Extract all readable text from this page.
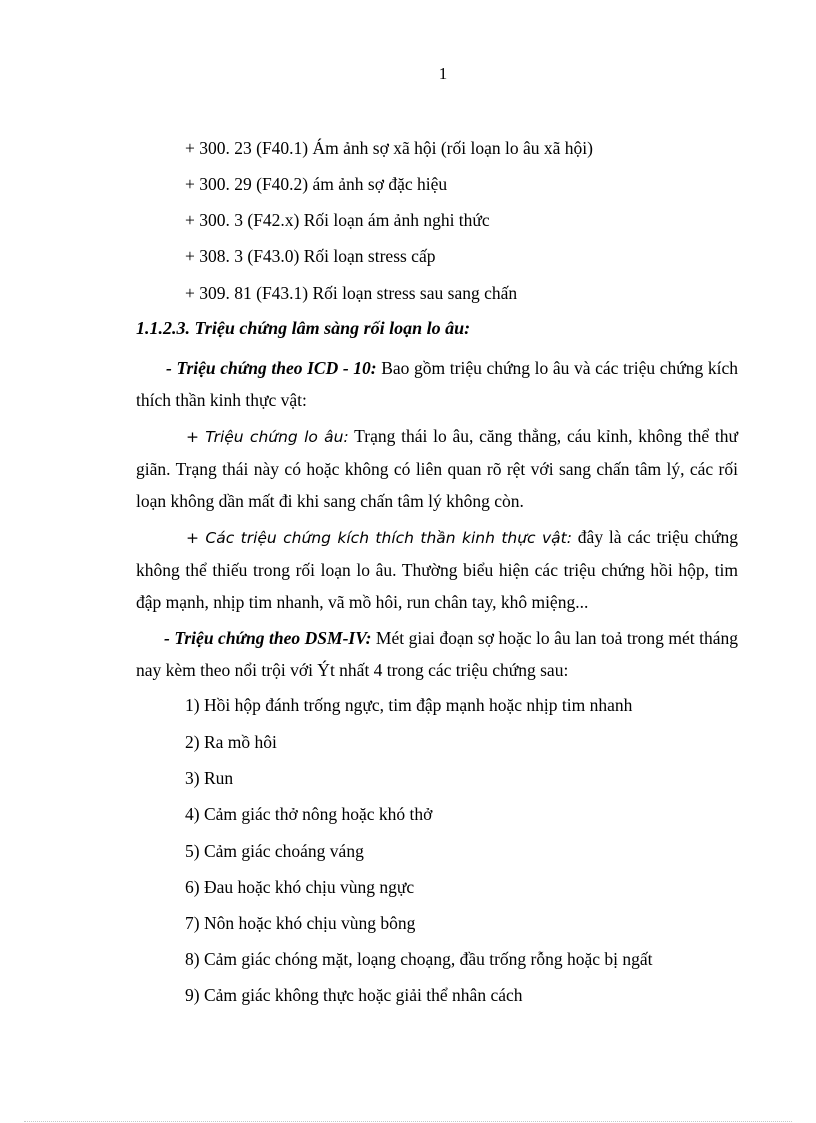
1
+ 300. 23 (F40.1) Ám ảnh sợ xã hội (rối loạn lo âu xã hội)
+ 300. 29 (F40.2) ám ảnh sợ đặc hiệu
+ 300. 3 (F42.x) Rối loạn ám ảnh nghi thức
+ 308. 3 (F43.0) Rối loạn stress cấp
+ 309. 81 (F43.1) Rối loạn stress sau sang chấn
1.1.2.3. Triệu chứng lâm sàng rối loạn lo âu:
- Triệu chứng theo ICD - 10: Bao gồm triệu chứng lo âu và các triệu chứng kích thích thần kinh thực vật:
+ Triệu chứng lo âu: Trạng thái lo âu, căng thẳng, cáu kỉnh, không thể thư giãn. Trạng thái này có hoặc không có liên quan rõ rệt với sang chấn tâm lý, các rối loạn không dần mất đi khi sang chấn tâm lý không còn.
+ Các triệu chứng kích thích thần kinh thực vật: đây là các triệu chứng không thể thiếu trong rối loạn lo âu. Thường biểu hiện các triệu chứng hồi hộp, tim đập mạnh, nhịp tim nhanh, vã mồ hôi, run chân tay, khô miệng...
- Triệu chứng theo DSM-IV: Mét giai đoạn sợ hoặc lo âu lan toả trong mét tháng nay kèm theo nổi trội với Ýt nhất 4 trong các triệu chứng sau:
1) Hồi hộp đánh trống ngực, tim đập mạnh hoặc nhịp tim nhanh
2) Ra mồ hôi
3) Run
4) Cảm giác thở nông hoặc khó thở
5) Cảm giác choáng váng
6) Đau hoặc khó chịu vùng ngực
7) Nôn hoặc khó chịu vùng bông
8) Cảm giác chóng mặt, loạng choạng, đầu trống rỗng hoặc bị ngất
9) Cảm giác không thực hoặc giải thể nhân cách
